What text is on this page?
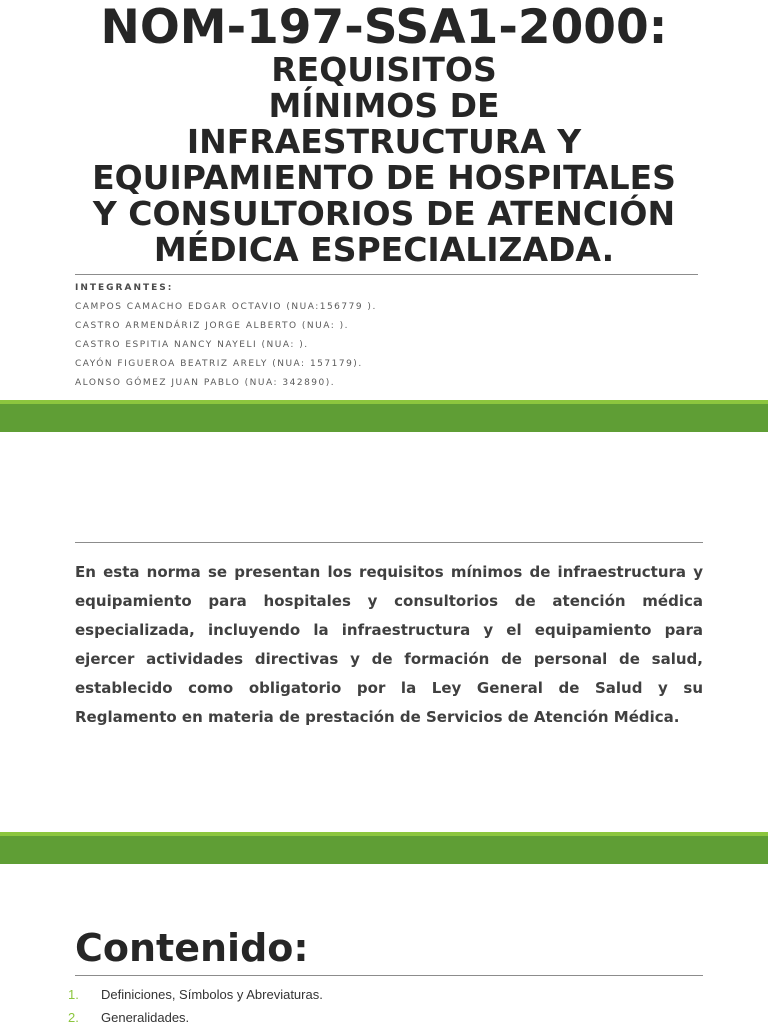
NOM-197-SSA1-2000:
REQUISITOS
MÍNIMOS DE
INFRAESTRUCTURA Y
EQUIPAMIENTO DE HOSPITALES
Y CONSULTORIOS DE ATENCIÓN
MÉDICA ESPECIALIZADA.
INTEGRANTES:
CAMPOS CAMACHO EDGAR OCTAVIO (NUA:156779 ).
CASTRO ARMENDÁRIZ JORGE ALBERTO (NUA: ).
CASTRO ESPITIA NANCY NAYELI (NUA: ).
CAYÓN FIGUEROA BEATRIZ ARELY (NUA: 157179).
ALONSO GÓMEZ JUAN PABLO (NUA: 342890).

En esta norma se presentan los requisitos mínimos de infraestructura y equipamiento para hospitales y consultorios de atención médica especializada, incluyendo la infraestructura y el equipamiento para ejercer actividades directivas y de formación de personal de salud, establecido como obligatorio por la Ley General de Salud y su Reglamento en materia de prestación de Servicios de Atención Médica.

Contenido:
1.	Definiciones, Símbolos y Abreviaturas.
2.	Generalidades.
